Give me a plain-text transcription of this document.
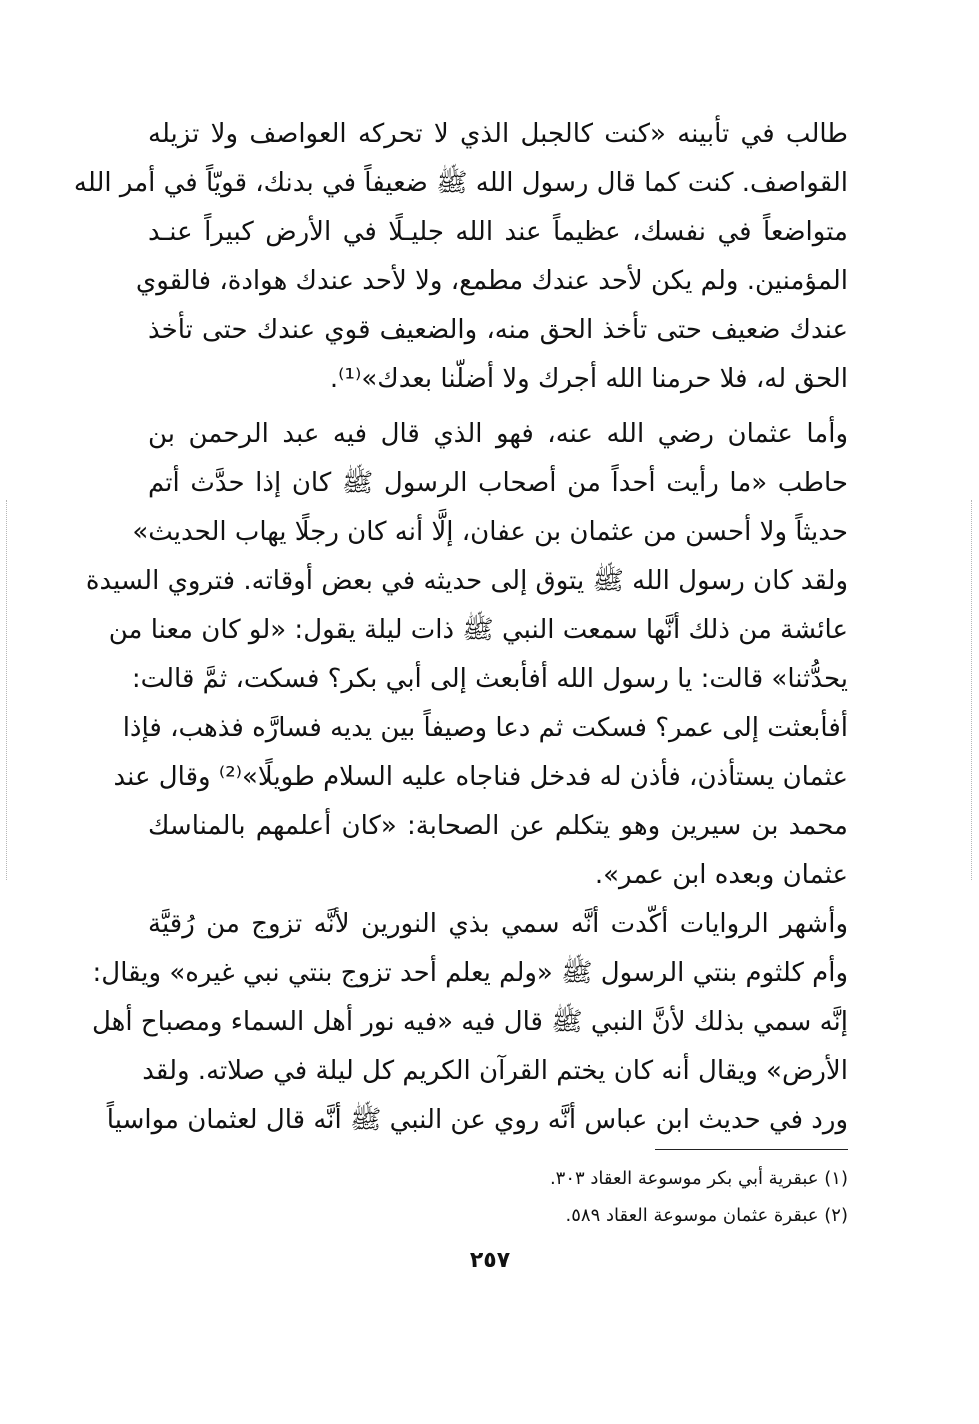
طالب في تأبينه «كنت كالجبل الذي لا تحركه العواصف ولا تزيله
القواصف. كنت كما قال رسول الله ﷺ ضعيفاً في بدنك، قويّاً في أمر الله
متواضعاً في نفسك، عظيماً عند الله جليـلًا في الأرض كبيراً عنـد
المؤمنين. ولم يكن لأحد عندك مطمع، ولا لأحد عندك هوادة، فالقوي
عندك ضعيف حتى تأخذ الحق منه، والضعيف قوي عندك حتى تأخذ
الحق له، فلا حرمنا الله أجرك ولا أضلّنا بعدك»⁽¹⁾.
وأما عثمان رضي الله عنه، فهو الذي قال فيه عبد الرحمن بن
حاطب «ما رأيت أحداً من أصحاب الرسول ﷺ كان إذا حدَّث أتم
حديثاً ولا أحسن من عثمان بن عفان، إلَّا أنه كان رجلًا يهاب الحديث»
ولقد كان رسول الله ﷺ يتوق إلى حديثه في بعض أوقاته. فتروي السيدة
عائشة من ذلك أنَّها سمعت النبي ﷺ ذات ليلة يقول: «لو كان معنا من
يحدُّثنا» قالت: يا رسول الله أفأبعث إلى أبي بكر؟ فسكت، ثمَّ قالت:
أفأبعثت إلى عمر؟ فسكت ثم دعا وصيفاً بين يديه فسارَّه فذهب، فإذا
عثمان يستأذن، فأذن له فدخل فناجاه عليه السلام طويلًا»⁽²⁾ وقال عند
محمد بن سيرين وهو يتكلم عن الصحابة: «كان أعلمهم بالمناسك
عثمان وبعده ابن عمر».
وأشهر الروايات أكّدت أنَّه سمي بذي النورين لأنَّه تزوج من رُقيَّة
وأم كلثوم بنتي الرسول ﷺ «ولم يعلم أحد تزوج بنتي نبي غيره» ويقال:
إنَّه سمي بذلك لأنَّ النبي ﷺ قال فيه «فيه نور أهل السماء ومصباح أهل
الأرض» ويقال أنه كان يختم القرآن الكريم كل ليلة في صلاته. ولقد
ورد في حديث ابن عباس أنَّه روي عن النبي ﷺ أنَّه قال لعثمان مواسياً
(١) عبقرية أبي بكر موسوعة العقاد ٣٠٣.
(٢) عبقرة عثمان موسوعة العقاد ٥٨٩.
٢٥٧
